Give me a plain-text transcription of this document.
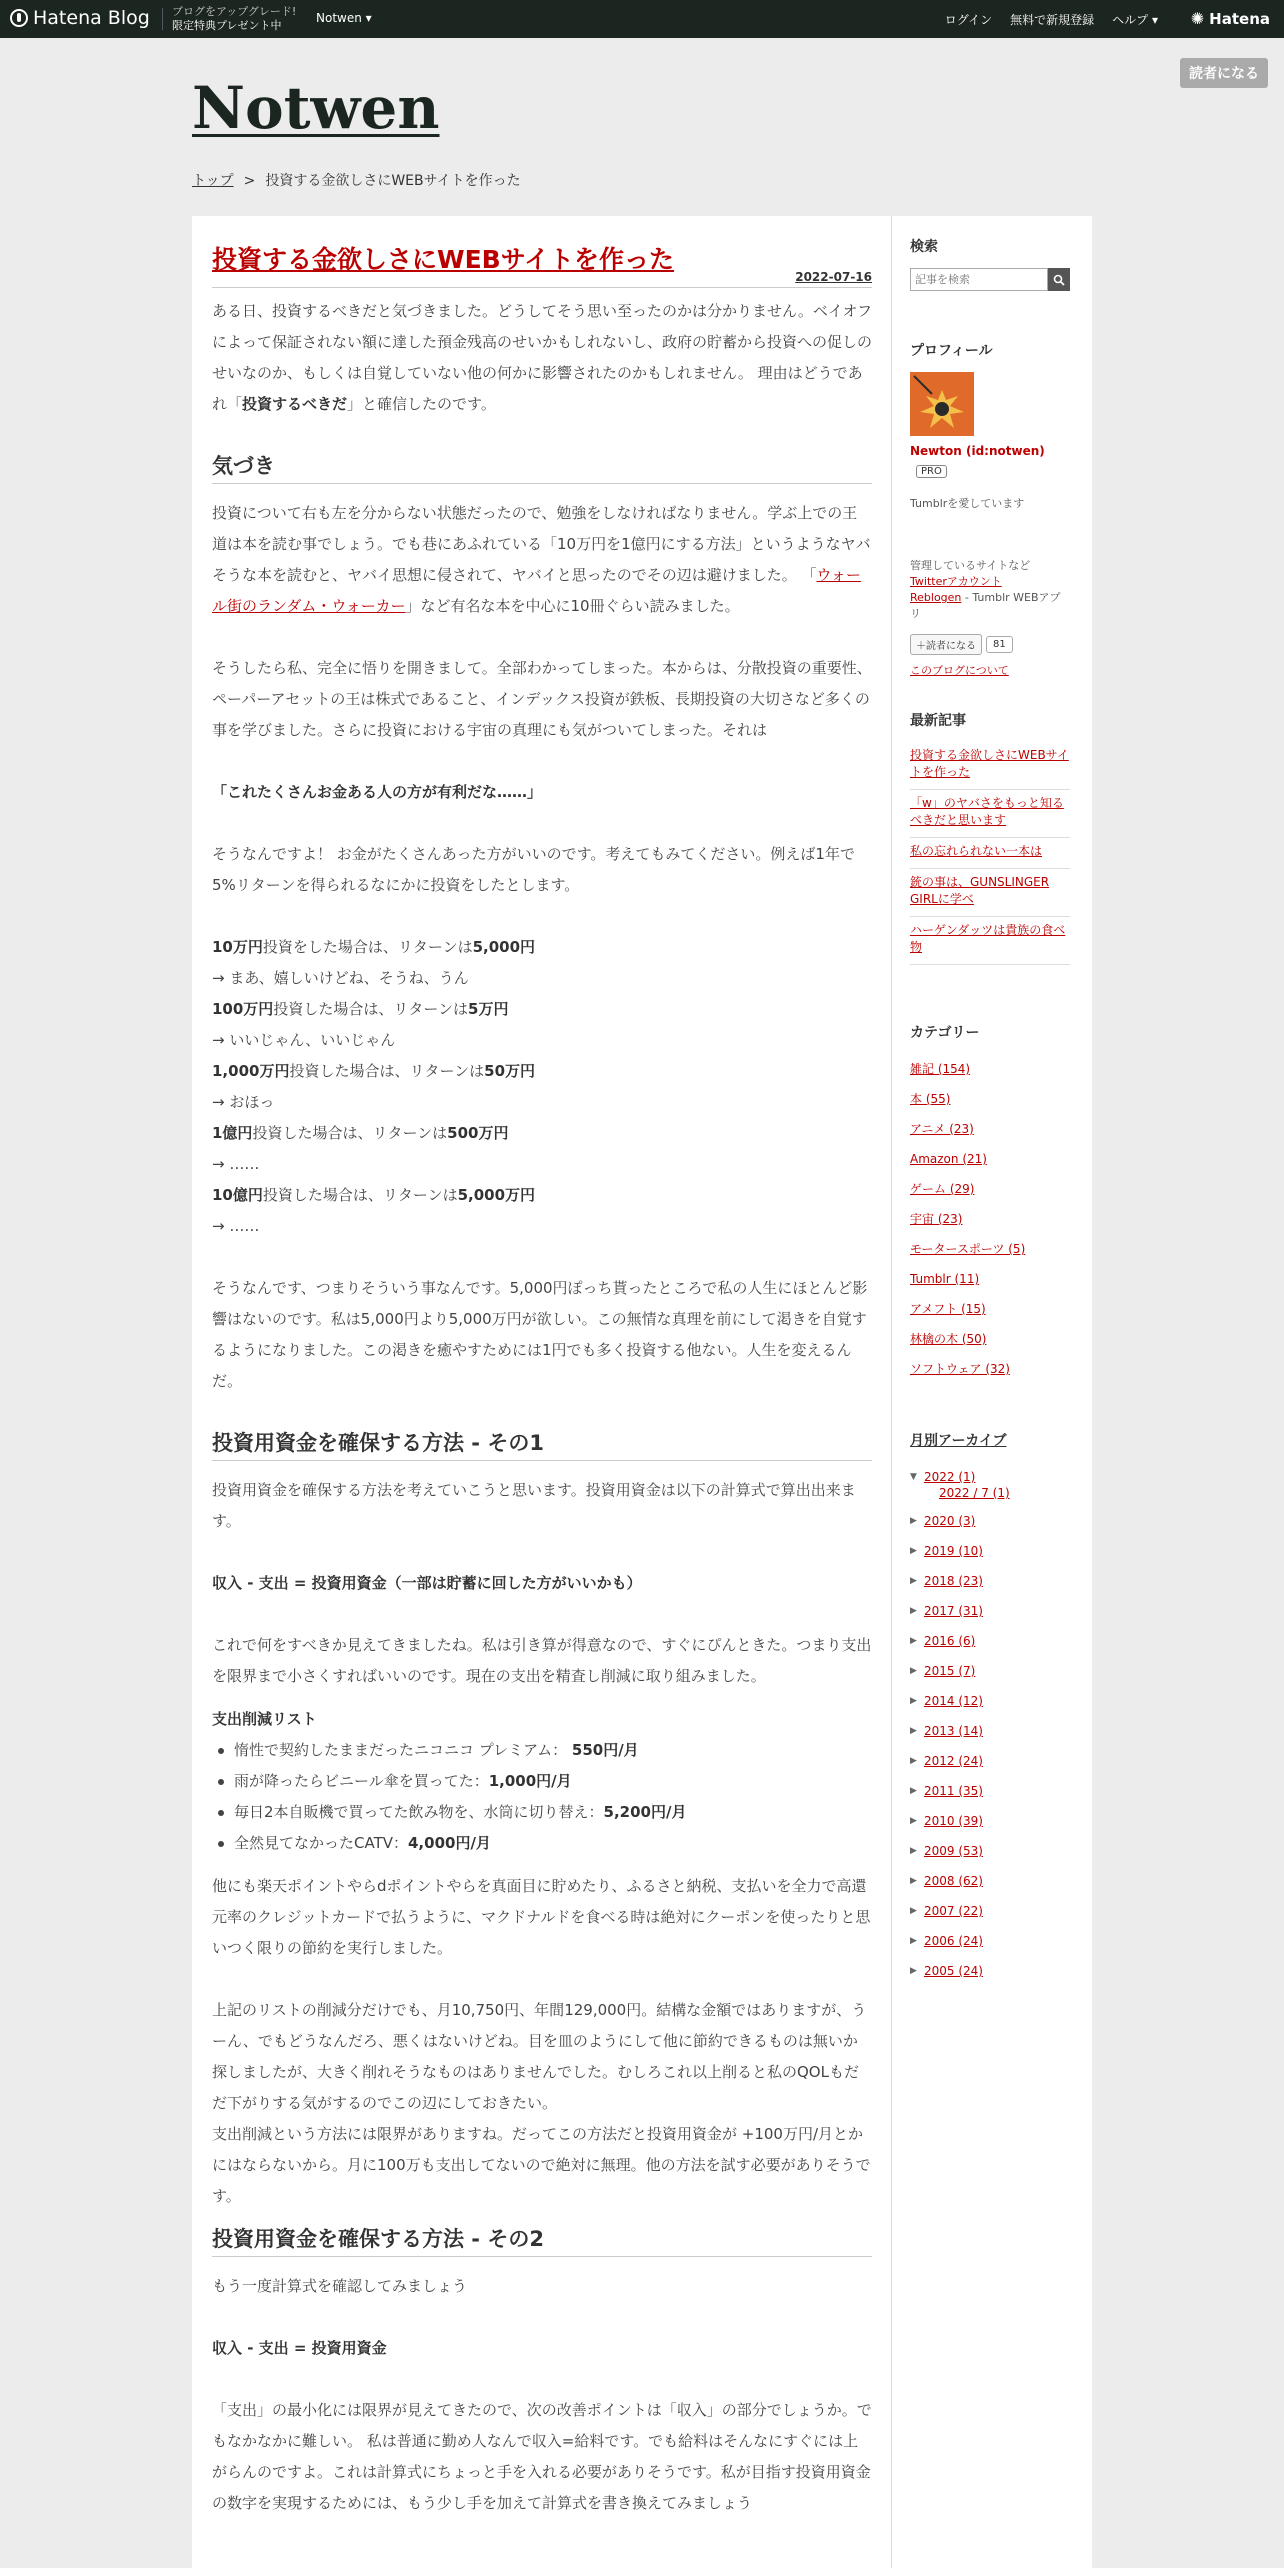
Hatena Blog ブログをアップグレード!
限定特典プレゼント中
Notwen ▾	ログイン 無料で新規登録 ヘルプ ▾ ✺ Hatena
読者になる
Notwen
トップ > 投資する金欲しさにWEBサイトを作った
投資する金欲しさにWEBサイトを作った
2022-07-16

ある日、投資するべきだと気づきました。どうしてそう思い至ったのかは分かりません。ベイオフによって保証されない額に達した預金残高のせいかもしれないし、政府の貯蓄から投資への促しのせいなのか、もしくは自覚していない他の何かに影響されたのかもしれません。 理由はどうであれ「投資するべきだ」と確信したのです。

気づき

投資について右も左を分からない状態だったので、勉強をしなければなりません。学ぶ上での王道は本を読む事でしょう。でも巷にあふれている「10万円を1億円にする方法」というようなヤバそうな本を読むと、ヤバイ思想に侵されて、ヤバイと思ったのでその辺は避けました。 「ウォール街のランダム・ウォーカー」など有名な本を中心に10冊ぐらい読みました。

そうしたら私、完全に悟りを開きまして。全部わかってしまった。本からは、分散投資の重要性、ペーパーアセットの王は株式であること、インデックス投資が鉄板、長期投資の大切さなど多くの事を学びました。さらに投資における宇宙の真理にも気がついてしまった。それは

「これたくさんお金ある人の方が有利だな……」

そうなんですよ！ お金がたくさんあった方がいいのです。考えてもみてください。例えば1年で5%リターンを得られるなにかに投資をしたとします。

10万円投資をした場合は、リターンは5,000円
→ まあ、嬉しいけどね、そうね、うん
100万円投資した場合は、リターンは5万円
→ いいじゃん、いいじゃん
1,000万円投資した場合は、リターンは50万円
→ おほっ
1億円投資した場合は、リターンは500万円
→ ……
10億円投資した場合は、リターンは5,000万円
→ ……

そうなんです、つまりそういう事なんです。5,000円ぽっち貰ったところで私の人生にほとんど影響はないのです。私は5,000円より5,000万円が欲しい。この無情な真理を前にして渇きを自覚するようになりました。この渇きを癒やすためには1円でも多く投資する他ない。人生を変えるんだ。

投資用資金を確保する方法 - その1

投資用資金を確保する方法を考えていこうと思います。投資用資金は以下の計算式で算出出来ます。

収入 - 支出 = 投資用資金（一部は貯蓄に回した方がいいかも）

これで何をすべきか見えてきましたね。私は引き算が得意なので、すぐにぴんときた。つまり支出を限界まで小さくすればいいのです。現在の支出を精査し削減に取り組みました。

支出削減リスト

惰性で契約したままだったニコニコ プレミアム： 550円/月
雨が降ったらビニール傘を買ってた：1,000円/月
毎日2本自販機で買ってた飲み物を、水筒に切り替え：5,200円/月
全然見てなかったCATV：4,000円/月

他にも楽天ポイントやらdポイントやらを真面目に貯めたり、ふるさと納税、支払いを全力で高還元率のクレジットカードで払うように、マクドナルドを食べる時は絶対にクーポンを使ったりと思いつく限りの節約を実行しました。

上記のリストの削減分だけでも、月10,750円、年間129,000円。結構な金額ではありますが、うーん、でもどうなんだろ、悪くはないけどね。目を皿のようにして他に節約できるものは無いか探しましたが、大きく削れそうなものはありませんでした。むしろこれ以上削ると私のQOLもだだ下がりする気がするのでこの辺にしておきたい。

支出削減という方法には限界がありますね。だってこの方法だと投資用資金が +100万円/月とかにはならないから。月に100万も支出してないので絶対に無理。他の方法を試す必要がありそうです。

投資用資金を確保する方法 - その2

もう一度計算式を確認してみましょう

収入 - 支出 = 投資用資金

「支出」の最小化には限界が見えてきたので、次の改善ポイントは「収入」の部分でしょうか。でもなかなかに難しい。 私は普通に勤め人なんで収入=給料です。でも給料はそんなにすぐには上がらんのですよ。これは計算式にちょっと手を入れる必要がありそうです。私が目指す投資用資金の数字を実現するためには、もう少し手を加えて計算式を書き換えてみましょう

検索
記事を検索
プロフィール
Newton (id:notwen)PRO
Tumblrを愛しています
管理しているサイトなど
Twitterアカウント
Reblogen - Tumblr WEBアプリ
＋読者になる	81
このブログについて
最新記事
投資する金欲しさにWEBサイトを作った
「w」のヤバさをもっと知るべきだと思います
私の忘れられない一本は
銃の事は、GUNSLINGER GIRLに学べ
ハーゲンダッツは貴族の食べ物
カテゴリー
雑記 (154)
本 (55)
アニメ (23)
Amazon (21)
ゲーム (29)
宇宙 (23)
モータースポーツ (5)
Tumblr (11)
アメフト (15)
林檎の木 (50)
ソフトウェア (32)
月別アーカイブ
▼ 2022 (1)
2022 / 7 (1)
▶ 2020 (3)
▶ 2019 (10)
▶ 2018 (23)
▶ 2017 (31)
▶ 2016 (6)
▶ 2015 (7)
▶ 2014 (12)
▶ 2013 (14)
▶ 2012 (24)
▶ 2011 (35)
▶ 2010 (39)
▶ 2009 (53)
▶ 2008 (62)
▶ 2007 (22)
▶ 2006 (24)
▶ 2005 (24)
